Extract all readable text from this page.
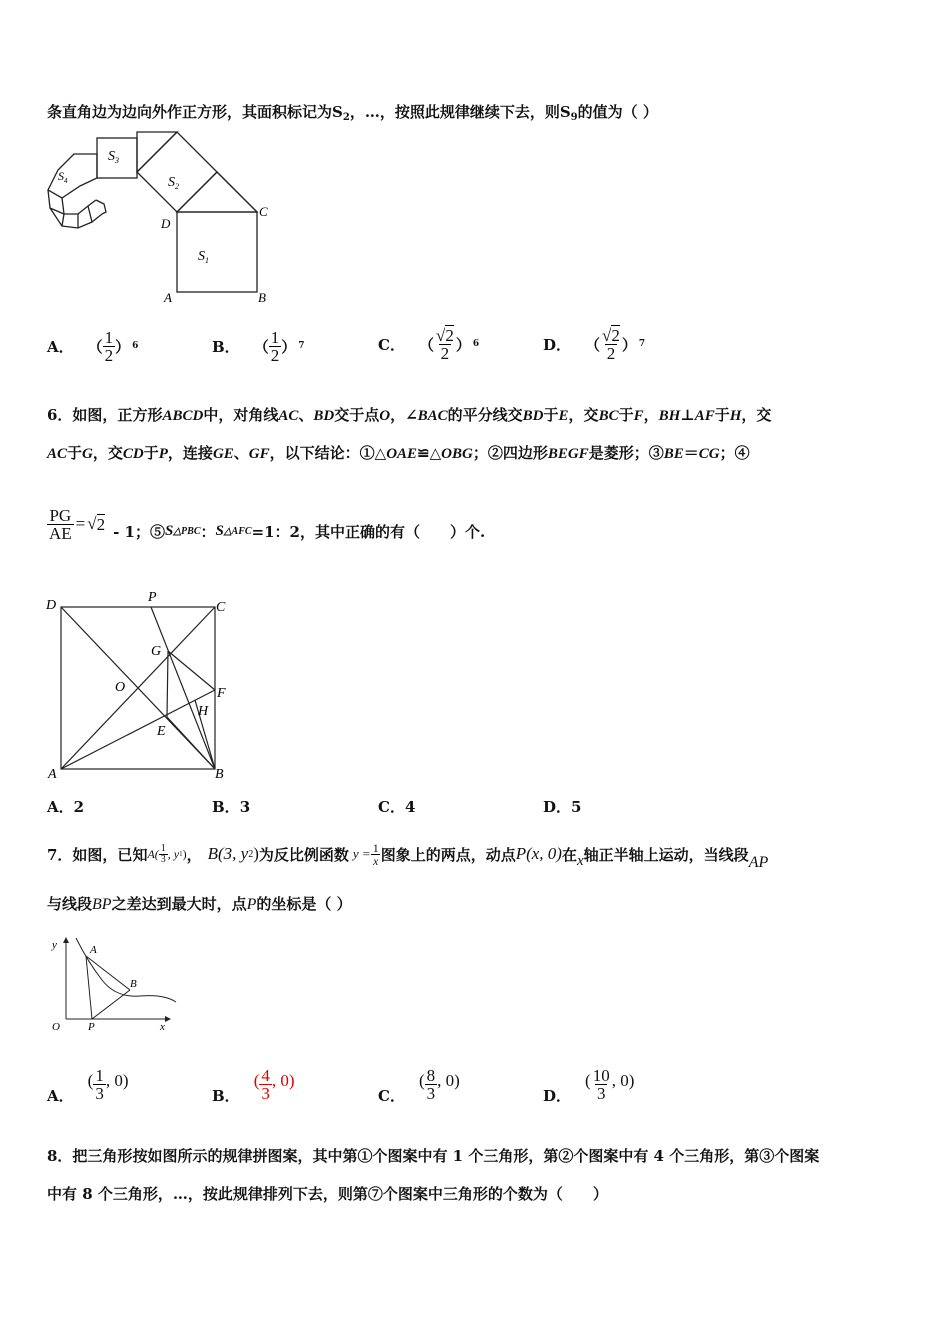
条直角边为边向外作正方形，其面积标记为$S_2$，…，按照此规律继续下去，则$S_9$的值为（ ）
$S_1$
$S_2$
$S_3$
$S_4$
A	B
C
D
A． （ $\frac{1}{2}$ ） 6	B． （ $\frac{1}{2}$ ） 7	C． （ $\frac{√2}{2}$ ） 6	D． （ $\frac{√2}{2}$ ） 7
6．如图，正方形ABCD中，对角线AC、BD交于点O，∠BAC的平分线交BD于E，交BC于F，BH⊥AF于H，交
AC于G，交CD于P，连接GE、GF，以下结论：①△OAE≌△OBG；②四边形BEGF是菱形；③BE＝CG；④
$\frac{PG}{AE}$ = √ 2 - 1；⑤ S △PBC ： S △AFC =1：2，其中正确的有（　　）个.
D	C
P
G
O	F
H
E
A	B
A．2	B．3	C．4	D．5
7．如图，已知 $A( \frac{1}{3}$ , y 1 ) ， B(3, y 2 ) 为反比例函数 $y = \frac{1}{x}$ 图象上的两点，动点 P(x, 0) 在 x 轴正半轴上运动，当线段 AP
与线段BP之差达到最大时，点P的坐标是（ ）
y
x
O	P
A
B
A．
( $\frac{1}{3}$ , 0)
B．
( $\frac{4}{3}$ , 0)
C．
( $\frac{8}{3}$ , 0)
D．
( $\frac{10}{3}$ , 0)
8．把三角形按如图所示的规律拼图案，其中第①个图案中有 1 个三角形，第②个图案中有 4 个三角形，第③个图案
中有 8 个三角形，…，按此规律排列下去，则第⑦个图案中三角形的个数为（　　）
